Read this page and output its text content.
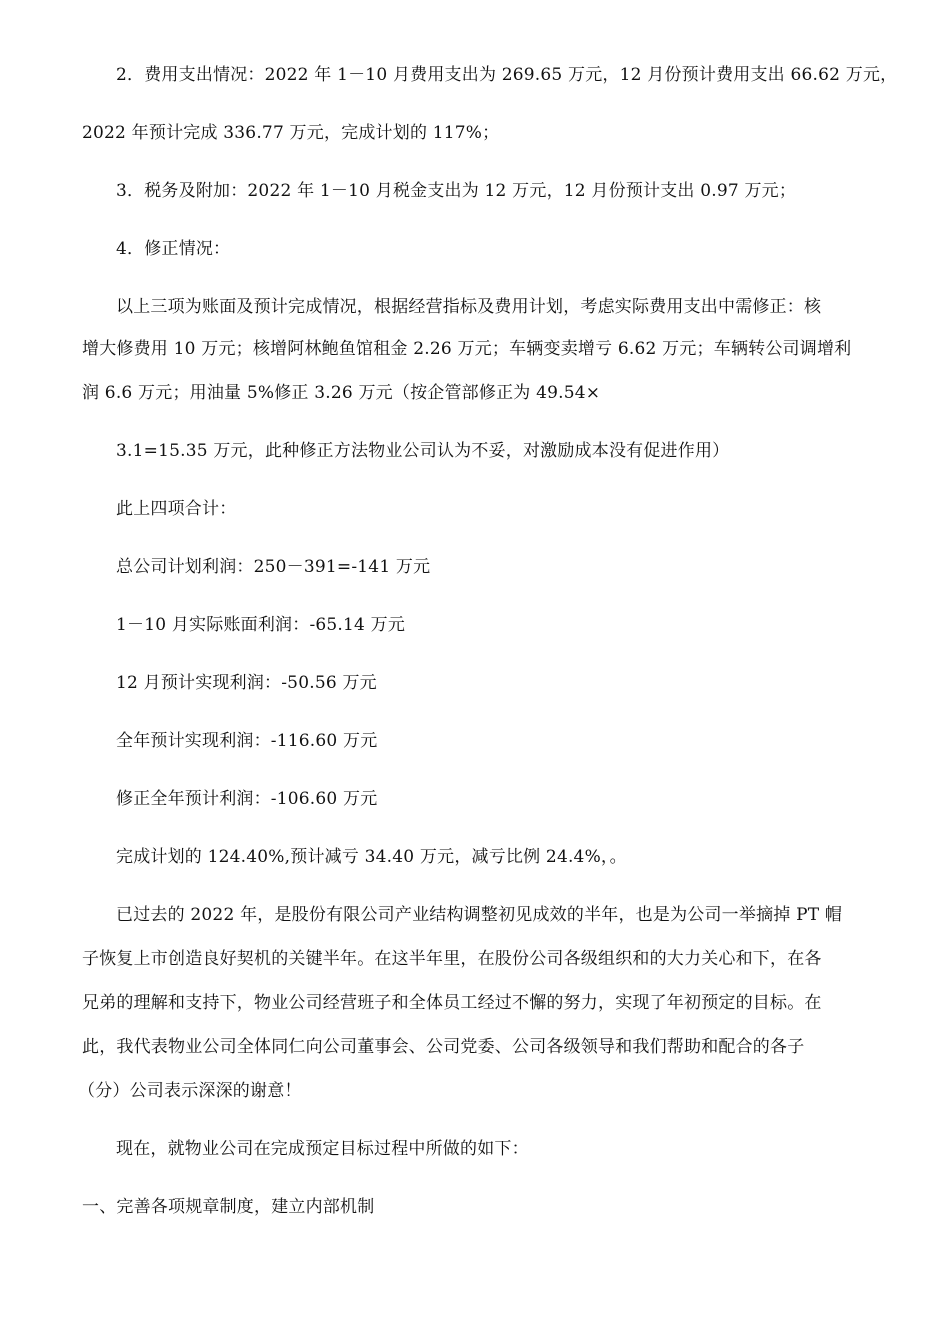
2．费用支出情况：2022 年 1－10 月费用支出为 269.65 万元，12 月份预计费用支出 66.62 万元，
2022 年预计完成 336.77 万元，完成计划的 117%；
3．税务及附加：2022 年 1－10 月税金支出为 12 万元，12 月份预计支出 0.97 万元；
4．修正情况：
以上三项为账面及预计完成情况，根据经营指标及费用计划，考虑实际费用支出中需修正：核
增大修费用 10 万元；核增阿林鲍鱼馆租金 2.26 万元；车辆变卖增亏 6.62 万元；车辆转公司调增利
润 6.6 万元；用油量 5%修正 3.26 万元（按企管部修正为 49.54×
3.1=15.35 万元，此种修正方法物业公司认为不妥，对激励成本没有促进作用）
此上四项合计：
总公司计划利润：250－391=-141 万元
1－10 月实际账面利润：-65.14 万元
12 月预计实现利润：-50.56 万元
全年预计实现利润：-116.60 万元
修正全年预计利润：-106.60 万元
完成计划的 124.40%,预计减亏 34.40 万元，减亏比例 24.4%，。
已过去的 2022 年，是股份有限公司产业结构调整初见成效的半年，也是为公司一举摘掉 PT 帽
子恢复上市创造良好契机的关键半年。在这半年里，在股份公司各级组织和的大力关心和下，在各
兄弟的理解和支持下，物业公司经营班子和全体员工经过不懈的努力，实现了年初预定的目标。在
此，我代表物业公司全体同仁向公司董事会、公司党委、公司各级领导和我们帮助和配合的各子
（分）公司表示深深的谢意！
现在，就物业公司在完成预定目标过程中所做的如下：
一、完善各项规章制度，建立内部机制
